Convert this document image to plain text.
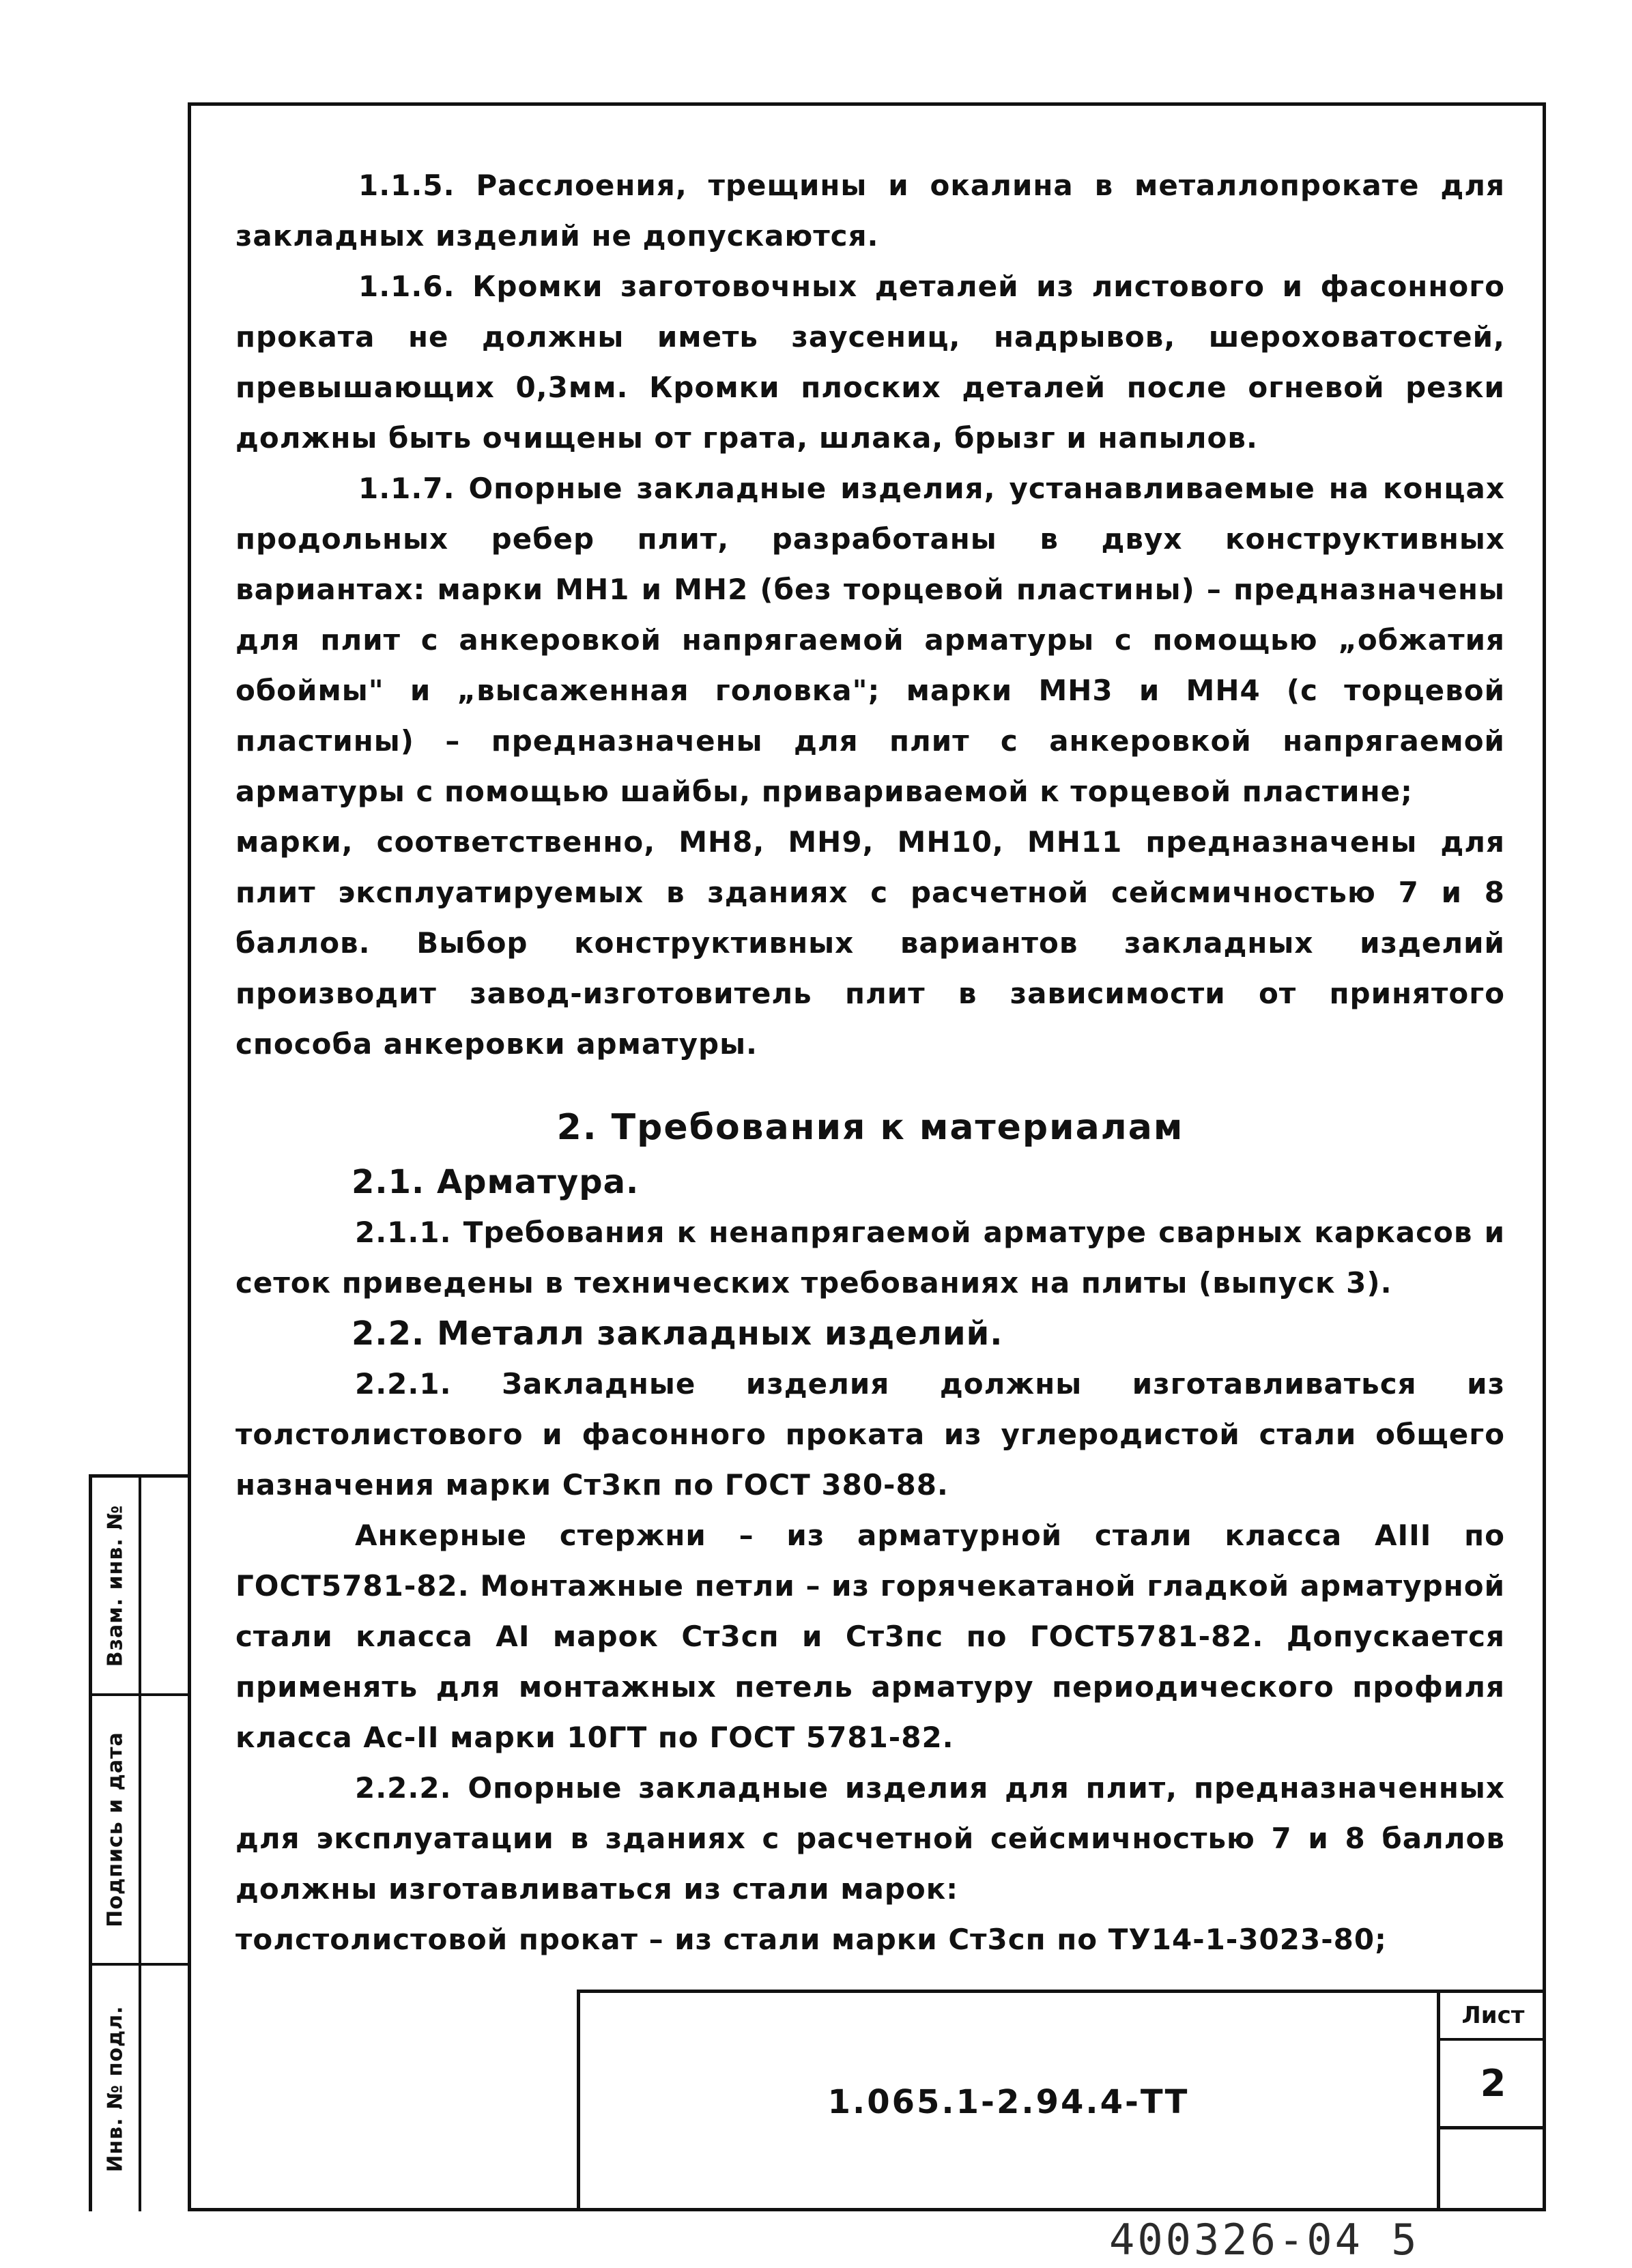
1.1.5. Расслоения, трещины и окалина в металлопрокате для закладных изделий не допускаются.

1.1.6. Кромки заготовочных деталей из листового и фасонного проката не должны иметь заусениц, надрывов, шероховатостей, превышающих 0,3мм. Кромки плоских деталей после огневой резки должны быть очищены от грата, шлака, брызг и напылов.

1.1.7. Опорные закладные изделия, устанавливаемые на концах продольных ребер плит, разработаны в двух конструктивных вариантах: марки МН1 и МН2 (без торцевой пластины) – предназначены для плит с анкеровкой напрягаемой арматуры с помощью „обжатия обоймы" и „высаженная головка"; марки МН3 и МН4 (с торцевой пластины) – предназначены для плит с анкеровкой напрягаемой арматуры с помощью шайбы, привариваемой к торцевой пластине;

марки, соответственно, МН8, МН9, МН10, МН11 предназначены для плит эксплуатируемых в зданиях с расчетной сейсмичностью 7 и 8 баллов. Выбор конструктивных вариантов закладных изделий производит завод-изготовитель плит в зависимости от принятого способа анкеровки арматуры.

2. Требования к материалам

2.1. Арматура.

2.1.1. Требования к ненапрягаемой арматуре сварных каркасов и сеток приведены в технических требованиях на плиты (выпуск 3).

2.2. Металл закладных изделий.

2.2.1. Закладные изделия должны изготавливаться из толстолистового и фасонного проката из углеродистой стали общего назначения марки Ст3кп по ГОСТ 380-88.

Анкерные стержни – из арматурной стали класса АIII по ГОСТ5781-82. Монтажные петли – из горячекатаной гладкой арматурной стали класса АI марок Ст3сп и Ст3пс по ГОСТ5781-82. Допускается применять для монтажных петель арматуру периодического профиля класса Ас-II марки 10ГТ по ГОСТ 5781-82.

2.2.2. Опорные закладные изделия для плит, предназначенных для эксплуатации в зданиях с расчетной сейсмичностью 7 и 8 баллов должны изготавливаться из стали марок:

толстолистовой прокат – из стали марки Ст3сп по ТУ14-1-3023-80;

Взам. инв. №
Подпись и дата
Инв. № подл.	1.065.1-2.94.4-ТТ
Лист
2
400326-04 5
